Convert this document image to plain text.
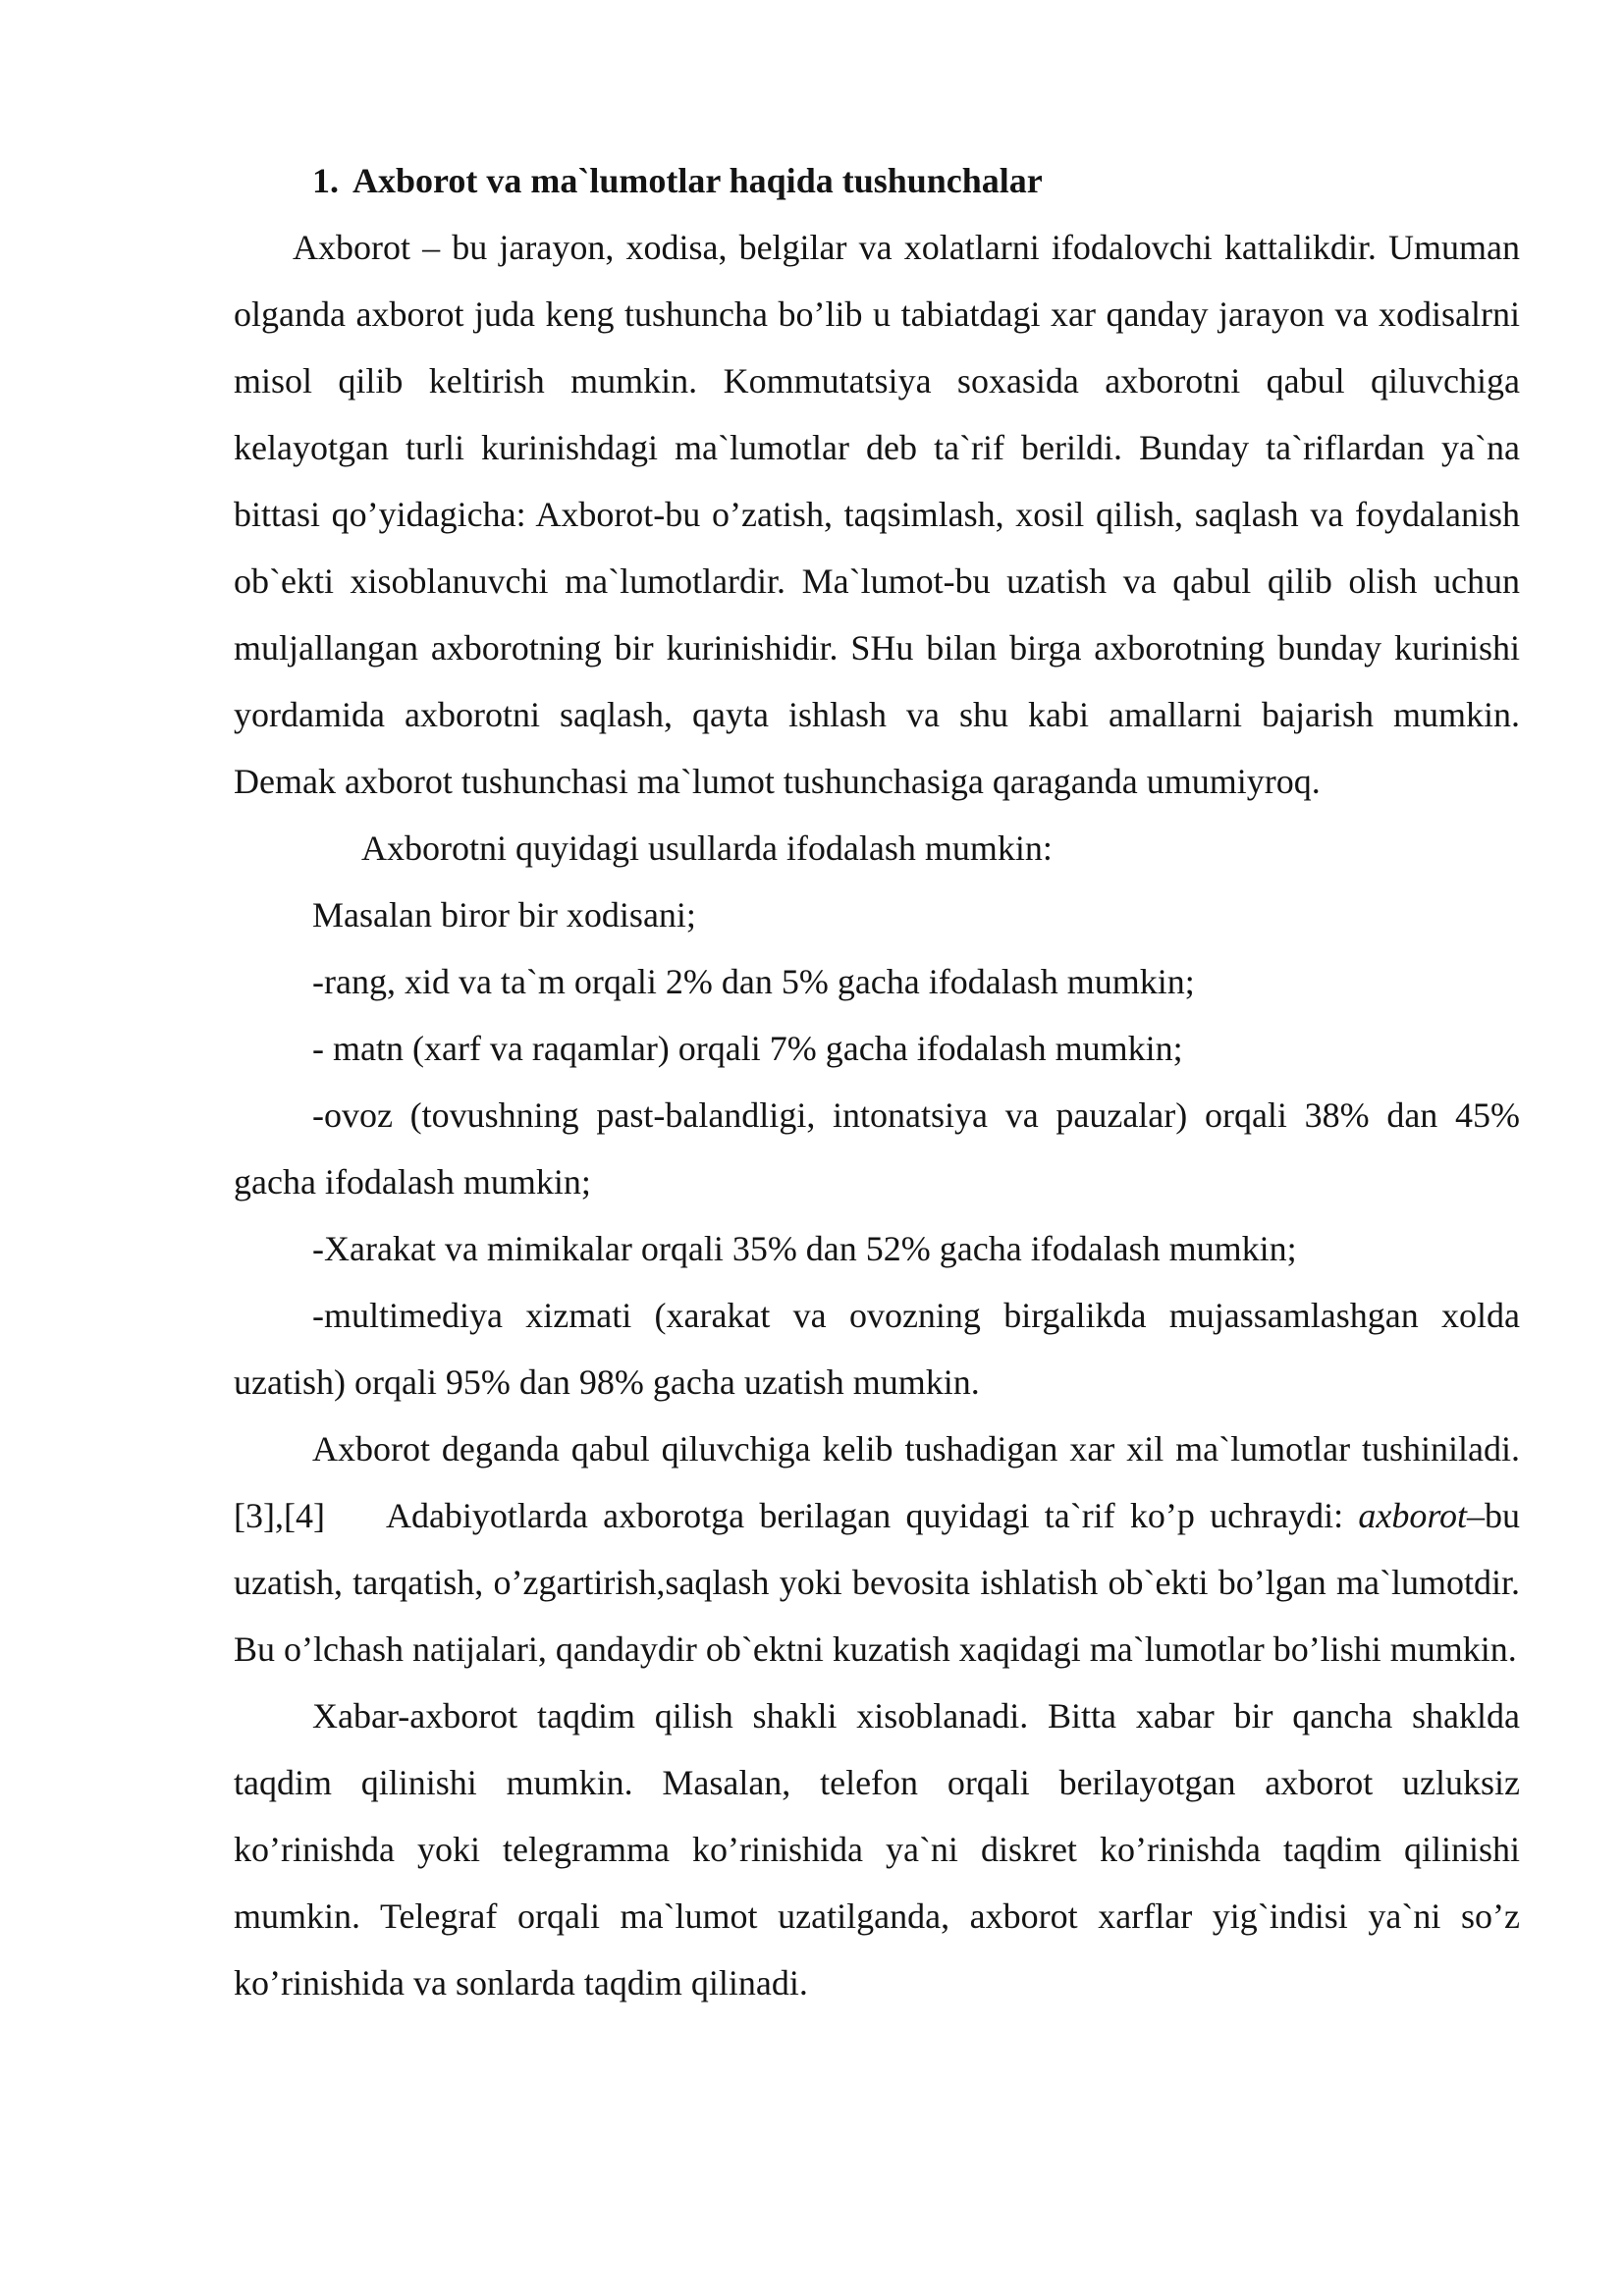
1. Axborot va ma`lumotlar haqida tushunchalar

Axborot – bu jarayon, xodisa, belgilar va xolatlarni ifodalovchi kattalikdir. Umuman olganda axborot juda keng tushuncha bo’lib u tabiatdagi xar qanday jarayon va xodisalrni misol qilib keltirish mumkin. Kommutatsiya soxasida axborotni qabul qiluvchiga kelayotgan turli kurinishdagi ma`lumotlar deb ta`rif berildi. Bunday ta`riflardan ya`na bittasi qo’yidagicha: Axborot-bu o’zatish, taqsimlash, xosil qilish, saqlash va foydalanish ob`ekti xisoblanuvchi ma`lumotlardir. Ma`lumot-bu uzatish va qabul qilib olish uchun muljallangan axborotning bir kurinishidir. SHu bilan birga axborotning bunday kurinishi yordamida axborotni saqlash, qayta ishlash va shu kabi amallarni bajarish mumkin. Demak axborot tushunchasi ma`lumot tushunchasiga qaraganda umumiyroq.

Axborotni quyidagi usullarda ifodalash mumkin:

Masalan biror bir xodisani;

-rang, xid va ta`m orqali 2% dan 5% gacha ifodalash mumkin;

- matn (xarf va raqamlar) orqali 7% gacha ifodalash mumkin;

-ovoz (tovushning past-balandligi, intonatsiya va pauzalar) orqali 38% dan 45% gacha ifodalash mumkin;

-Xarakat va mimikalar orqali 35% dan 52% gacha ifodalash mumkin;

-multimediya xizmati (xarakat va ovozning birgalikda mujassamlashgan xolda uzatish) orqali 95% dan 98% gacha uzatish mumkin.

Axborot deganda qabul qiluvchiga kelib tushadigan xar xil ma`lumotlar tushiniladi.[3],[4] Adabiyotlarda axborotga berilagan quyidagi ta`rif ko’p uchraydi: axborot–bu uzatish, tarqatish, o’zgartirish,saqlash yoki bevosita ishlatish ob`ekti bo’lgan ma`lumotdir. Bu o’lchash natijalari, qandaydir ob`ektni kuzatish xaqidagi ma`lumotlar bo’lishi mumkin.

Xabar-axborot taqdim qilish shakli xisoblanadi. Bitta xabar bir qancha shaklda taqdim qilinishi mumkin. Masalan, telefon orqali berilayotgan axborot uzluksiz ko’rinishda yoki telegramma ko’rinishida ya`ni diskret ko’rinishda taqdim qilinishi mumkin. Telegraf orqali ma`lumot uzatilganda, axborot xarflar yig`indisi ya`ni so’z ko’rinishida va sonlarda taqdim qilinadi.
